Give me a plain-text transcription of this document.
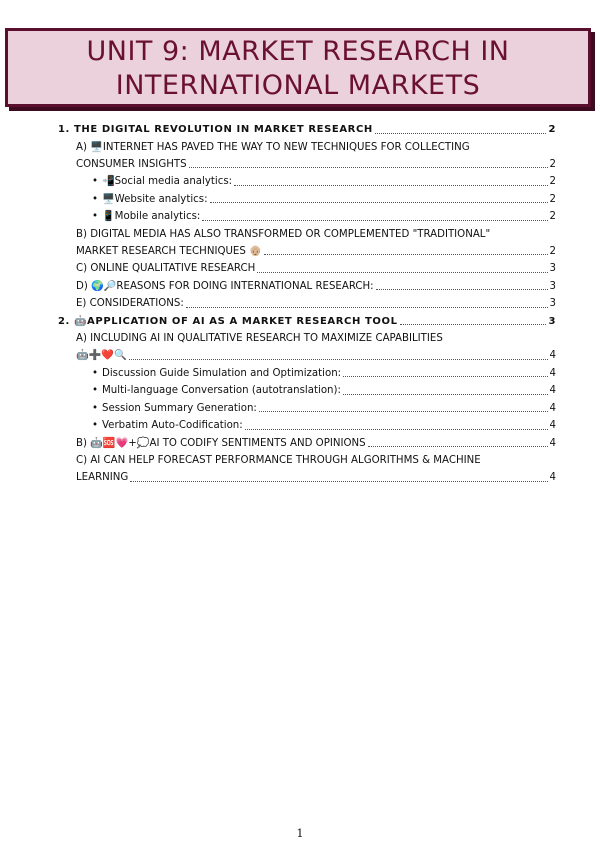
UNIT 9: MARKET RESEARCH IN
INTERNATIONAL MARKETS
1. THE DIGITAL REVOLUTION IN MARKET RESEARCH	2
A) 🖥️INTERNET HAS PAVED THE WAY TO NEW TECHNIQUES FOR COLLECTING
CONSUMER INSIGHTS	2
• 📲Social media analytics:	2
• 🖥️Website analytics:	2
• 📱Mobile analytics:	2
B) DIGITAL MEDIA HAS ALSO TRANSFORMED OR COMPLEMENTED "TRADITIONAL"
MARKET RESEARCH TECHNIQUES 👴🏼	2
C) ONLINE QUALITATIVE RESEARCH	3
D) 🌍🔎REASONS FOR DOING INTERNATIONAL RESEARCH:	3
E) CONSIDERATIONS:	3
2. 🤖APPLICATION OF AI AS A MARKET RESEARCH TOOL	3
A) INCLUDING AI IN QUALITATIVE RESEARCH TO MAXIMIZE CAPABILITIES
🤖➕❤️🔍	4
• Discussion Guide Simulation and Optimization:	4
• Multi-language Conversation (autotranslation):	4
• Session Summary Generation:	4
• Verbatim Auto-Codification:	4
B) 🤖🆘💗+💭AI TO CODIFY SENTIMENTS AND OPINIONS	4
C) AI CAN HELP FORECAST PERFORMANCE THROUGH ALGORITHMS & MACHINE
LEARNING	4
1
